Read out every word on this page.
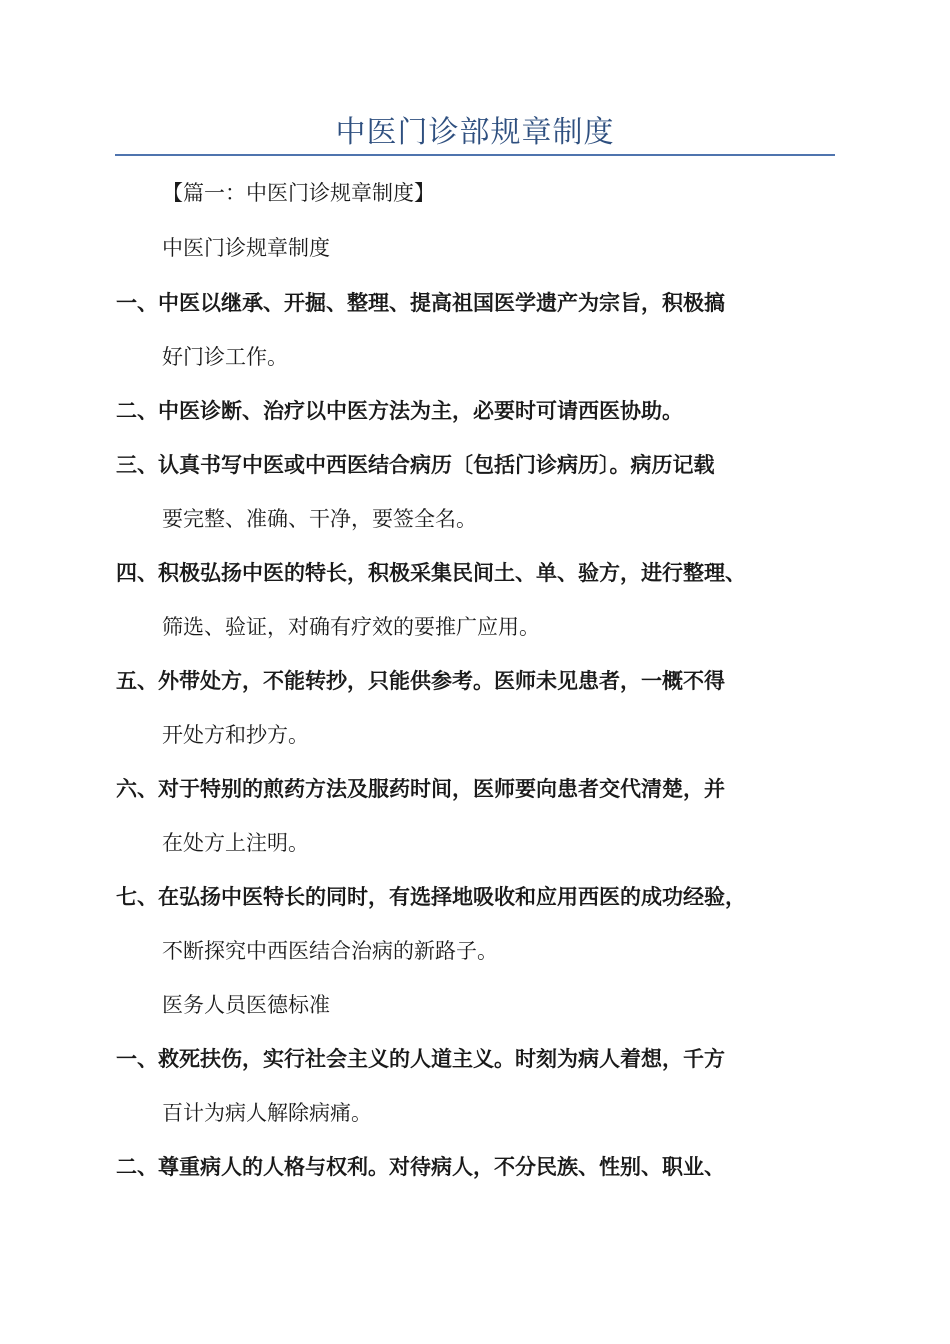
中医门诊部规章制度
【篇一：中医门诊规章制度】
中医门诊规章制度
一、中医以继承、开掘、整理、提高祖国医学遗产为宗旨，积极搞
好门诊工作。
二、中医诊断、治疗以中医方法为主，必要时可请西医协助。
三、认真书写中医或中西医结合病历〔包括门诊病历〕。病历记载
要完整、准确、干净，要签全名。
四、积极弘扬中医的特长，积极采集民间土、单、验方，进行整理、
筛选、验证，对确有疗效的要推广应用。
五、外带处方，不能转抄，只能供参考。医师未见患者，一概不得
开处方和抄方。
六、对于特别的煎药方法及服药时间，医师要向患者交代清楚，并
在处方上注明。
七、在弘扬中医特长的同时，有选择地吸收和应用西医的成功经验，
不断探究中西医结合治病的新路子。
医务人员医德标准
一、救死扶伤，实行社会主义的人道主义。时刻为病人着想，千方
百计为病人解除病痛。
二、尊重病人的人格与权利。对待病人，不分民族、性别、职业、
